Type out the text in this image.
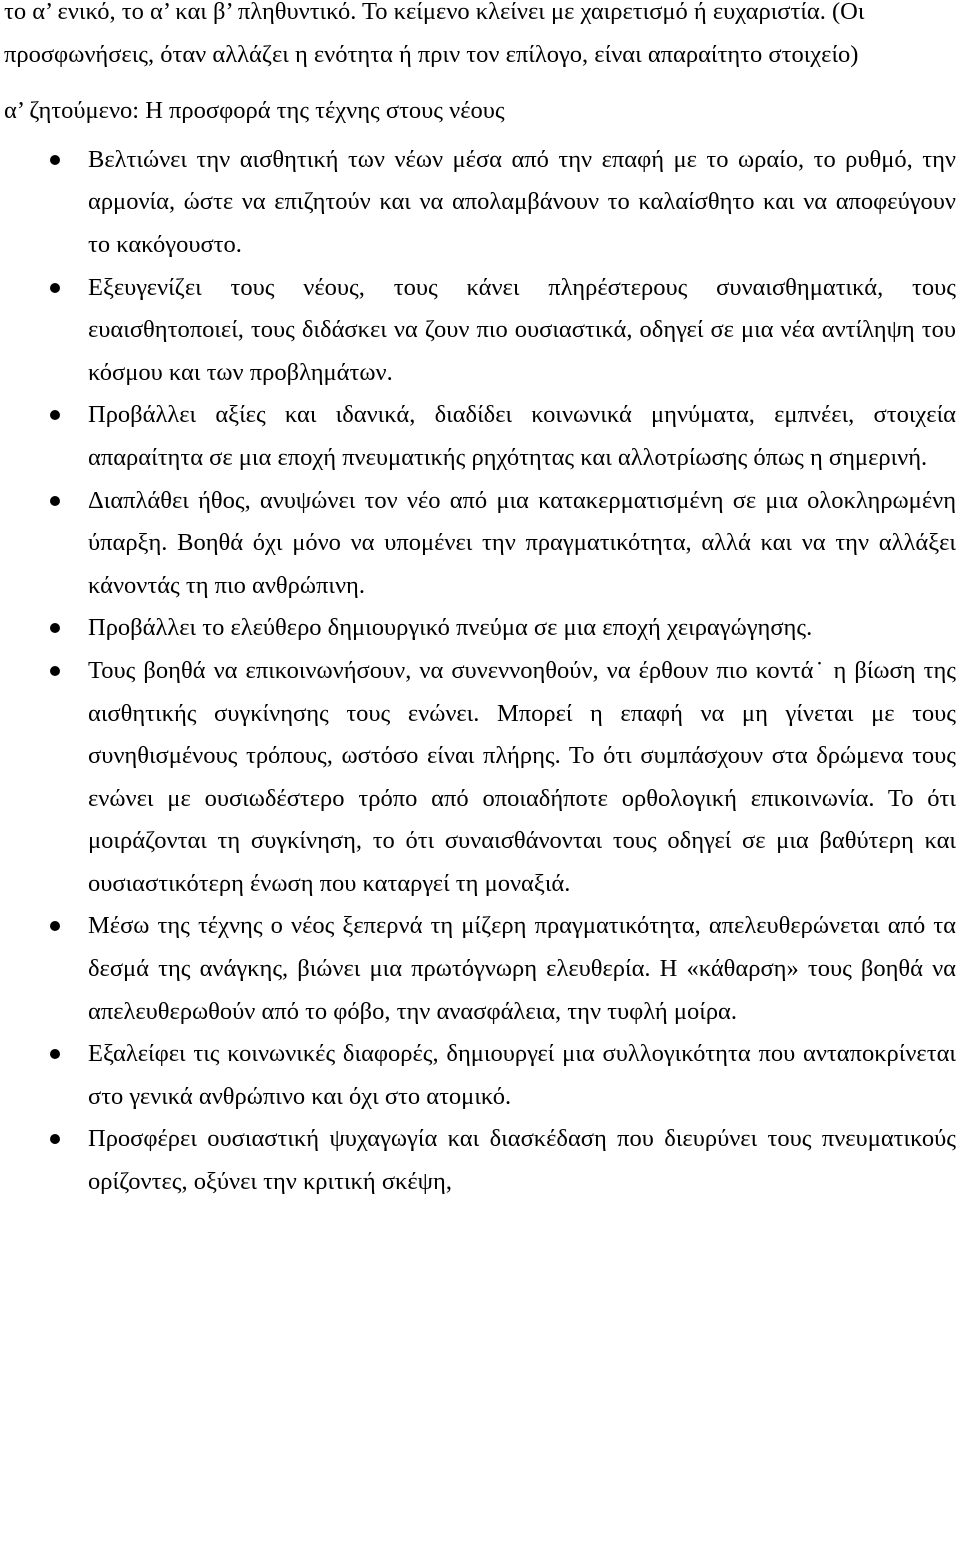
το α’ ενικό, το α’ και β’ πληθυντικό. Το κείμενο κλείνει με χαιρετισμό ή ευχαριστία. (Οι προσφωνήσεις, όταν αλλάζει η ενότητα ή πριν τον επίλογο, είναι απαραίτητο στοιχείο)

α’ ζητούμενο: Η προσφορά της τέχνης στους νέους

Βελτιώνει την αισθητική των νέων μέσα από την επαφή με το ωραίο, το ρυθμό, την αρμονία, ώστε να επιζητούν και να απολαμβάνουν το καλαίσθητο και να αποφεύγουν το κακόγουστο.
Εξευγενίζει τους νέους, τους κάνει πληρέστερους συναισθηματικά, τους ευαισθητοποιεί, τους διδάσκει να ζουν πιο ουσιαστικά, οδηγεί σε μια νέα αντίληψη του κόσμου και των προβλημάτων.
Προβάλλει αξίες και ιδανικά, διαδίδει κοινωνικά μηνύματα, εμπνέει, στοιχεία απαραίτητα σε μια εποχή πνευματικής ρηχότητας και αλλοτρίωσης όπως η σημερινή.
Διαπλάθει ήθος, ανυψώνει τον νέο από μια κατακερματισμένη σε μια ολοκληρωμένη ύπαρξη. Βοηθά όχι μόνο να υπομένει την πραγματικότητα, αλλά και να την αλλάξει κάνοντάς τη πιο ανθρώπινη.
Προβάλλει το ελεύθερο δημιουργικό πνεύμα σε μια εποχή χειραγώγησης.
Τους βοηθά να επικοινωνήσουν, να συνεννοηθούν, να έρθουν πιο κοντά˙ η βίωση της αισθητικής συγκίνησης τους ενώνει. Μπορεί η επαφή να μη γίνεται με τους συνηθισμένους τρόπους, ωστόσο είναι πλήρης. Το ότι συμπάσχουν στα δρώμενα τους ενώνει με ουσιωδέστερο τρόπο από οποιαδήποτε ορθολογική επικοινωνία. Το ότι μοιράζονται τη συγκίνηση, το ότι συναισθάνονται τους οδηγεί σε μια βαθύτερη και ουσιαστικότερη ένωση που καταργεί τη μοναξιά.
Μέσω της τέχνης ο νέος ξεπερνά τη μίζερη πραγματικότητα, απελευθερώνεται από τα δεσμά της ανάγκης, βιώνει μια πρωτόγνωρη ελευθερία. Η «κάθαρση» τους βοηθά να απελευθερωθούν από το φόβο, την ανασφάλεια, την τυφλή μοίρα.
Εξαλείφει τις κοινωνικές διαφορές, δημιουργεί μια συλλογικότητα που ανταποκρίνεται στο γενικά ανθρώπινο και όχι στο ατομικό.
Προσφέρει ουσιαστική ψυχαγωγία και διασκέδαση που διευρύνει τους πνευματικούς ορίζοντες, οξύνει την κριτική σκέψη,
